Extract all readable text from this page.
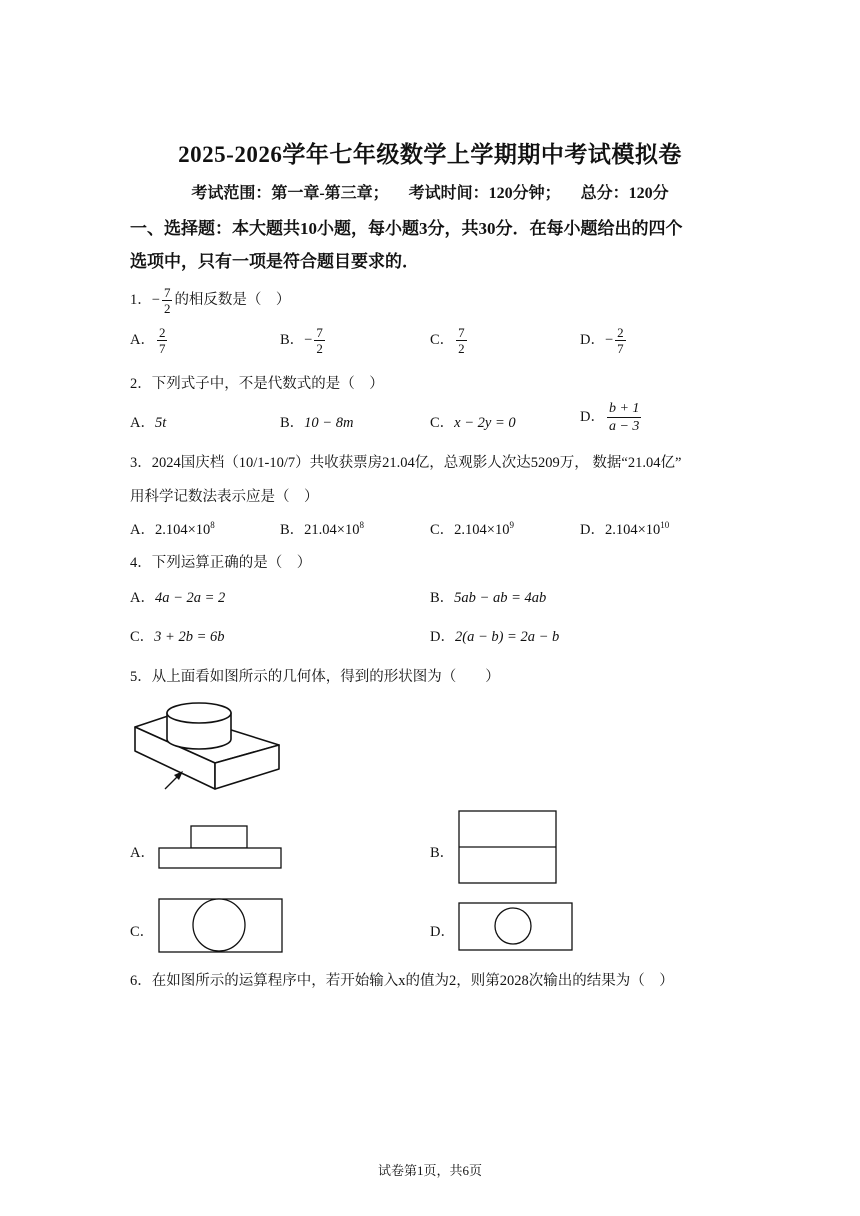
2025-2026学年七年级数学上学期期中考试模拟卷
考试范围：第一章-第三章； 考试时间：120分钟； 总分：120分
一、选择题：本大题共10小题，每小题3分，共30分．在每小题给出的四个
选项中，只有一项是符合题目要求的．
1．− $\frac{7}{2}$ 的相反数是（　）
A． $\frac{2}{7}$	B．− $\frac{7}{2}$	C． $\frac{7}{2}$	D．− $\frac{2}{7}$
2．下列式子中，不是代数式的是（　）
A．5t	B．10 − 8m	C．x − 2y = 0	D． $\frac{b + 1}{a - 3}$
3．2024国庆档（10/1-10/7）共收获票房21.04亿，总观影人次达5209万， 数据“21.04亿”
用科学记数法表示应是（　）
A．$2.104\times 10^8$	B．$21.04\times 10^8$	C．$2.104\times 10^9$	D．$2.104\times 10^{10}$
4．下列运算正确的是（　）
A．4a − 2a = 2	B．5ab − ab = 4ab
C．3 + 2b = 6b	D．2(a − b) = 2a − b
5．从上面看如图所示的几何体，得到的形状图为（　　）
A．	B．
C．	D．
6．在如图所示的运算程序中，若开始输入x的值为2，则第2028次输出的结果为（　）
试卷第1页，共6页
